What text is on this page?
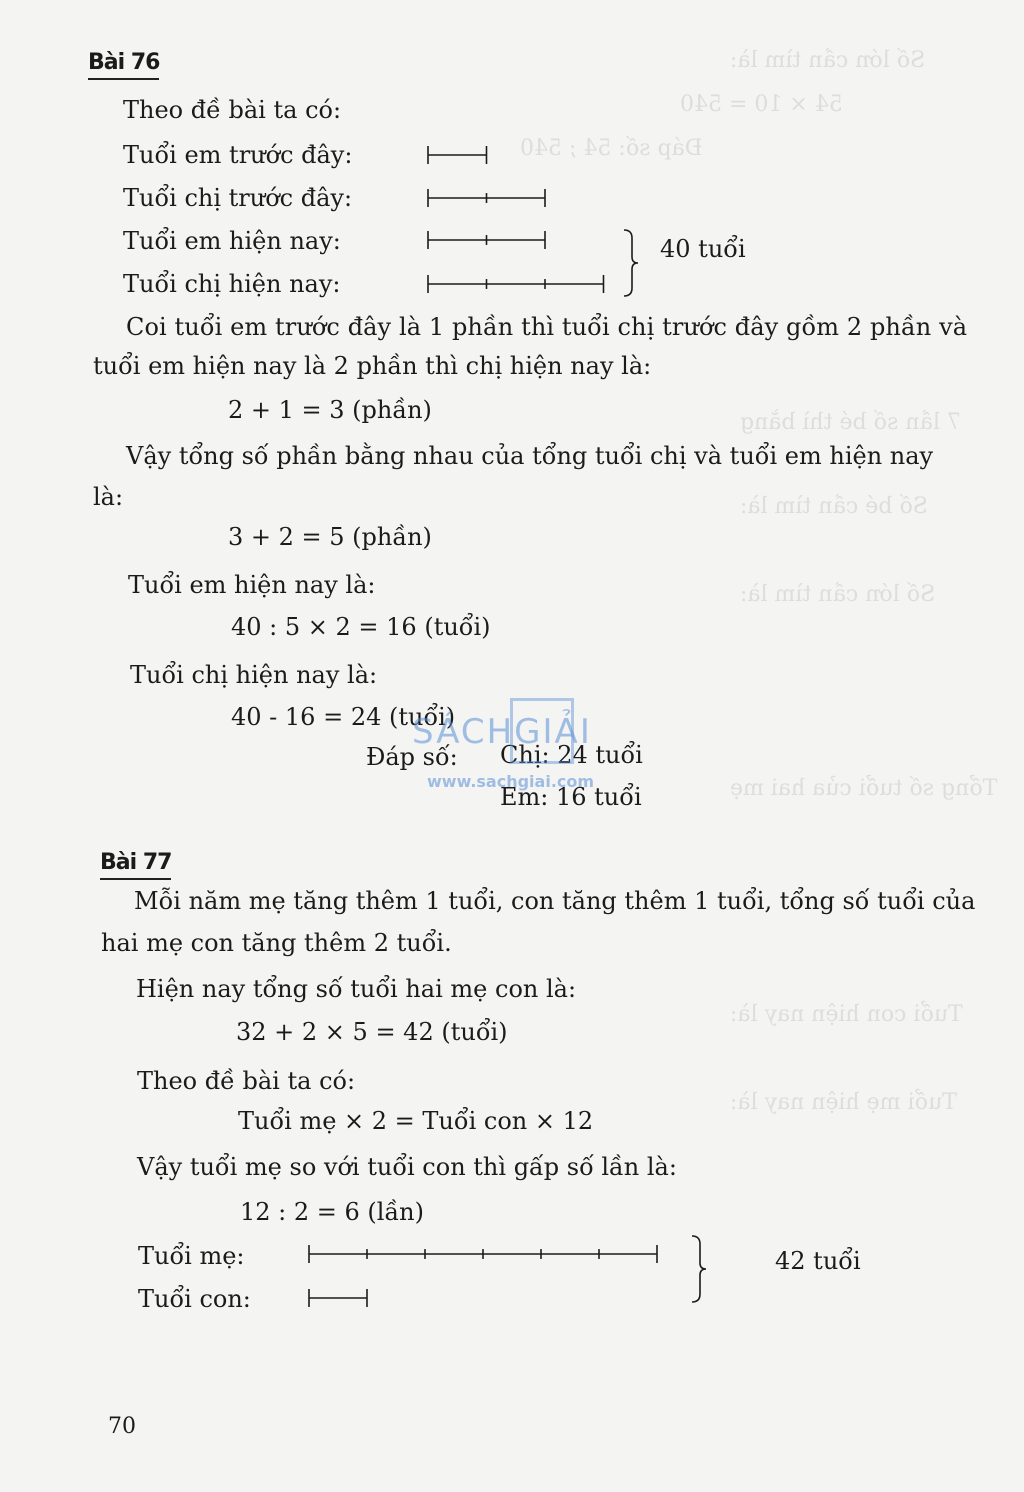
Số lớn cần tìm là:
54 × 10 = 540
Đáp số: 54 ; 540
7 lần số bé thì bằng
Số bé cần tìm là:
Số lớn cần tìm là:
Tổng số tuổi của hai mẹ
Tuổi con hiện nay là:
Tuổi mẹ hiện nay là:
Bài 76
Theo đề bài ta có:
Tuổi em trước đây:
Tuổi chị trước đây:
Tuổi em hiện nay:
Tuổi chị hiện nay:
40 tuổi
Coi tuổi em trước đây là 1 phần thì tuổi chị trước đây gồm 2 phần và
tuổi em hiện nay là 2 phần thì chị hiện nay là:
2 + 1 = 3 (phần)
Vậy tổng số phần bằng nhau của tổng tuổi chị và tuổi em hiện nay
là:
3 + 2 = 5 (phần)
Tuổi em hiện nay là:
40 : 5 × 2 = 16 (tuổi)
Tuổi chị hiện nay là:
40 - 16 = 24 (tuổi)
Đáp số: Chị: 24 tuổi
Em: 16 tuổi
Bài 77
Mỗi năm mẹ tăng thêm 1 tuổi, con tăng thêm 1 tuổi, tổng số tuổi của
hai mẹ con tăng thêm 2 tuổi.
Hiện nay tổng số tuổi hai mẹ con là:
32 + 2 × 5 = 42 (tuổi)
Theo đề bài ta có:
Tuổi mẹ × 2 = Tuổi con × 12
Vậy tuổi mẹ so với tuổi con thì gấp số lần là:
12 : 2 = 6 (lần)
Tuổi mẹ:
Tuổi con:
42 tuổi
SÁCHGIẢI
www.sachgiai.com
70
